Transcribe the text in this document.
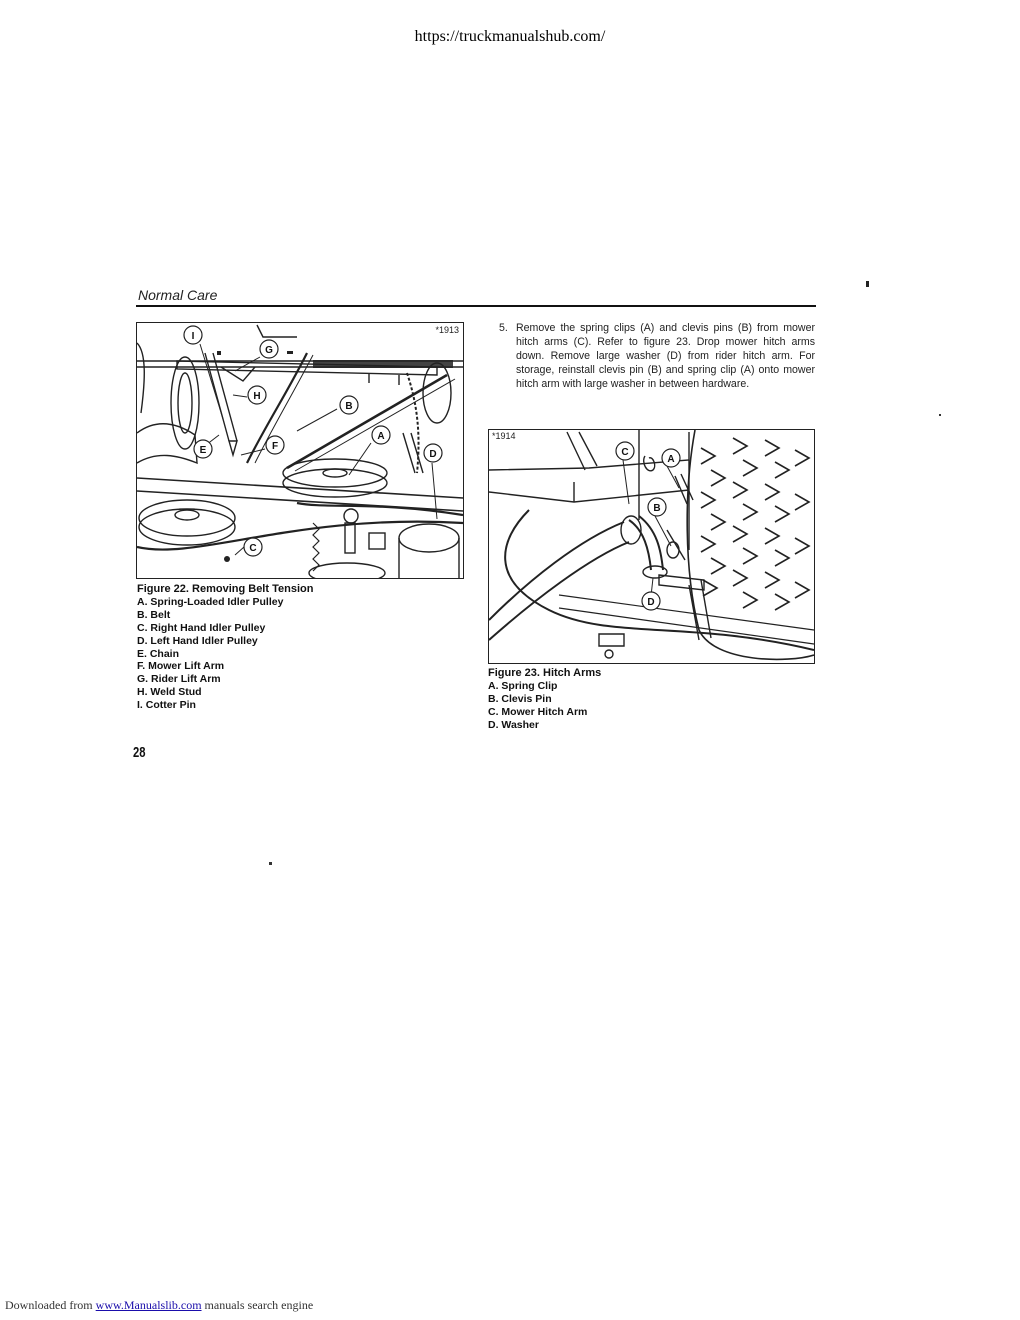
https://truckmanualshub.com/
Normal Care
I
G
H
B
A
E	F
D
C
*1913
Figure 22. Removing Belt Tension
A. Spring-Loaded Idler Pulley
B. Belt
C. Right Hand Idler Pulley
D. Left Hand Idler Pulley
E. Chain
F. Mower Lift Arm
G. Rider Lift Arm
H. Weld Stud
I. Cotter Pin
5. Remove the spring clips (A) and clevis pins (B) from mower hitch arms (C). Refer to figure 23. Drop mower hitch arms down. Remove large washer (D) from rider hitch arm. For storage, reinstall clevis pin (B) and spring clip (A) onto mower hitch arm with large washer in between hardware.
C
A
B
D
*1914
Figure 23. Hitch Arms
A. Spring Clip
B. Clevis Pin
C. Mower Hitch Arm
D. Washer
28
Downloaded from www.Manualslib.com manuals search engine
